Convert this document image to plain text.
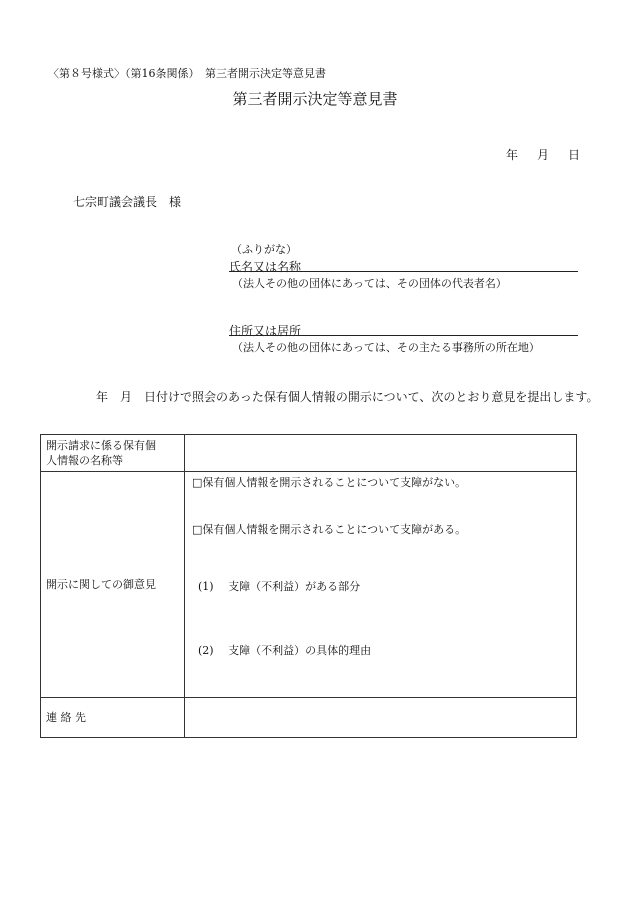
〈第８号様式〉（第16条関係）　第三者開示決定等意見書
第三者開示決定等意見書
年 月 日
七宗町議会議長　様
（ふりがな）
氏名又は名称
（法人その他の団体にあっては、その団体の代表者名）
住所又は居所
（法人その他の団体にあっては、その主たる事務所の所在地）
年　月　日付けで照会のあった保有個人情報の開示について、次のとおり意見を提出します。
開示請求に係る保有個
人情報の名称等	

開示に関しての御意見	□保有個人情報を開示されることについて支障がない。
□保有個人情報を開示されることについて支障がある。
(1)　 支障（不利益）がある部分
(2)　 支障（不利益）の具体的理由

連 絡 先	
